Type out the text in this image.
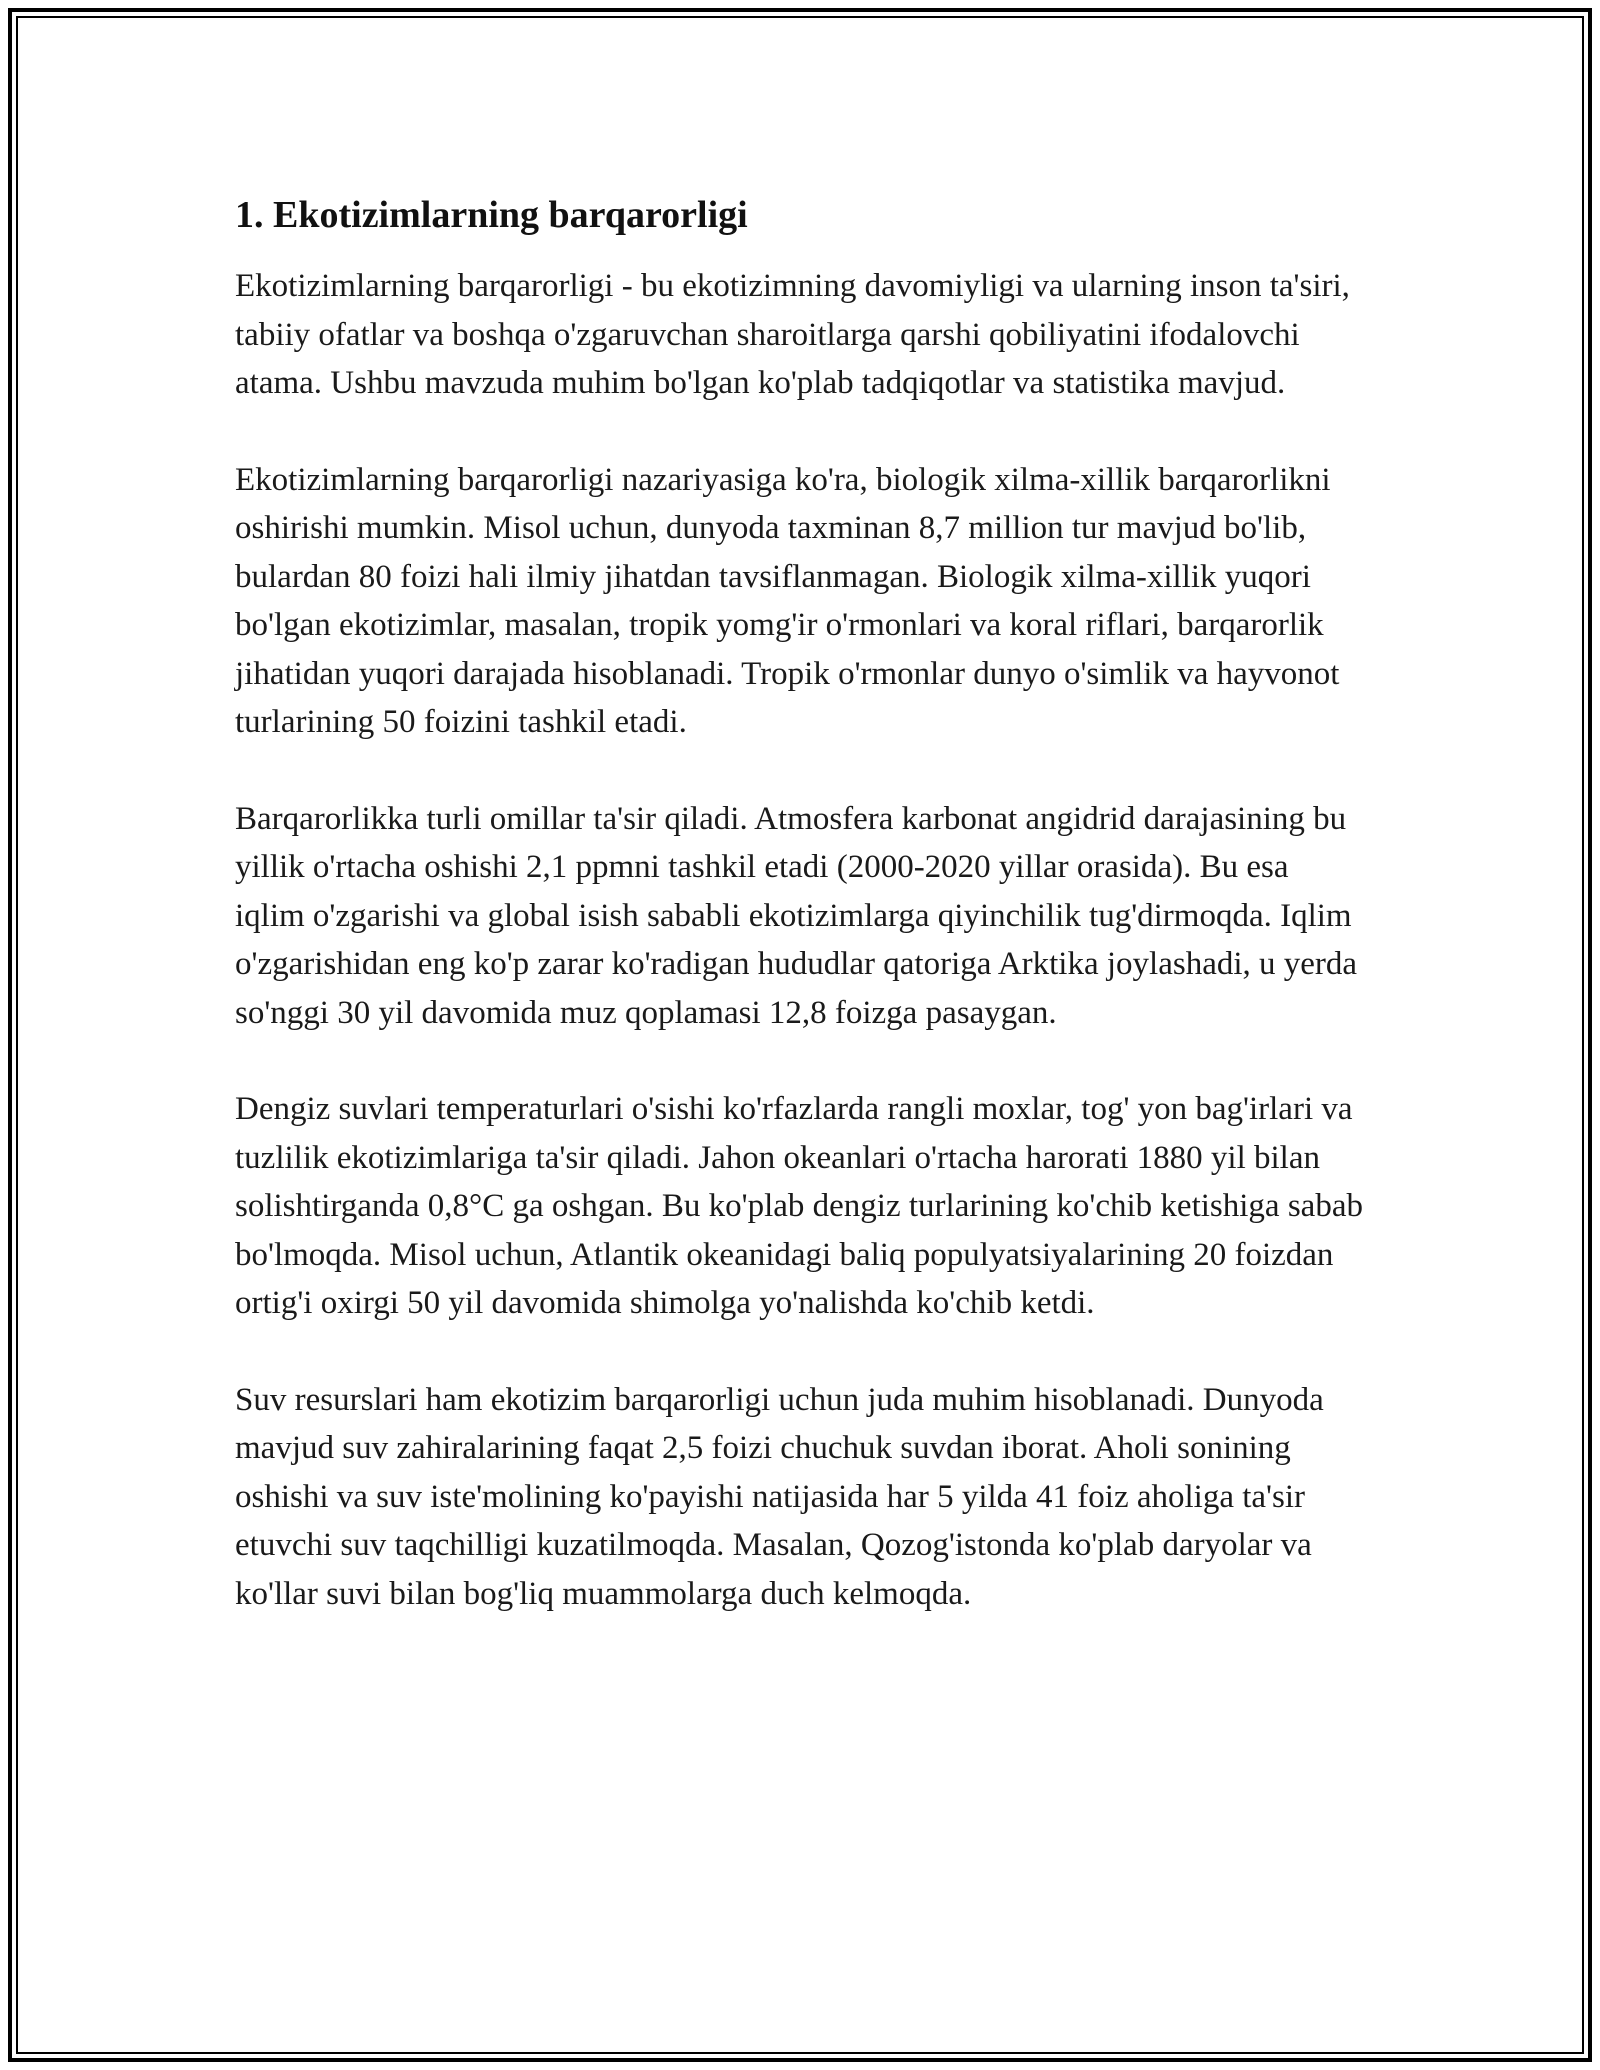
1. Ekotizimlarning barqarorligi

Ekotizimlarning barqarorligi - bu ekotizimning davomiyligi va ularning inson ta'siri, tabiiy ofatlar va boshqa o'zgaruvchan sharoitlarga qarshi qobiliyatini ifodalovchi atama. Ushbu mavzuda muhim bo'lgan ko'plab tadqiqotlar va statistika mavjud.

Ekotizimlarning barqarorligi nazariyasiga ko'ra, biologik xilma-xillik barqarorlikni oshirishi mumkin. Misol uchun, dunyoda taxminan 8,7 million tur mavjud bo'lib, bulardan 80 foizi hali ilmiy jihatdan tavsiflanmagan. Biologik xilma-xillik yuqori bo'lgan ekotizimlar, masalan, tropik yomg'ir o'rmonlari va koral riflari, barqarorlik jihatidan yuqori darajada hisoblanadi. Tropik o'rmonlar dunyo o'simlik va hayvonot turlarining 50 foizini tashkil etadi.

Barqarorlikka turli omillar ta'sir qiladi. Atmosfera karbonat angidrid darajasining bu yillik o'rtacha oshishi 2,1 ppmni tashkil etadi (2000-2020 yillar orasida). Bu esa iqlim o'zgarishi va global isish sababli ekotizimlarga qiyinchilik tug'dirmoqda. Iqlim o'zgarishidan eng ko'p zarar ko'radigan hududlar qatoriga Arktika joylashadi, u yerda so'nggi 30 yil davomida muz qoplamasi 12,8 foizga pasaygan.

Dengiz suvlari temperaturlari o'sishi ko'rfazlarda rangli moxlar, tog' yon bag'irlari va tuzlilik ekotizimlariga ta'sir qiladi. Jahon okeanlari o'rtacha harorati 1880 yil bilan solishtirganda 0,8°C ga oshgan. Bu ko'plab dengiz turlarining ko'chib ketishiga sabab bo'lmoqda. Misol uchun, Atlantik okeanidagi baliq populyatsiyalarining 20 foizdan ortig'i oxirgi 50 yil davomida shimolga yo'nalishda ko'chib ketdi.

Suv resurslari ham ekotizim barqarorligi uchun juda muhim hisoblanadi. Dunyoda mavjud suv zahiralarining faqat 2,5 foizi chuchuk suvdan iborat. Aholi sonining oshishi va suv iste'molining ko'payishi natijasida har 5 yilda 41 foiz aholiga ta'sir etuvchi suv taqchilligi kuzatilmoqda. Masalan, Qozog'istonda ko'plab daryolar va ko'llar suvi bilan bog'liq muammolarga duch kelmoqda.
